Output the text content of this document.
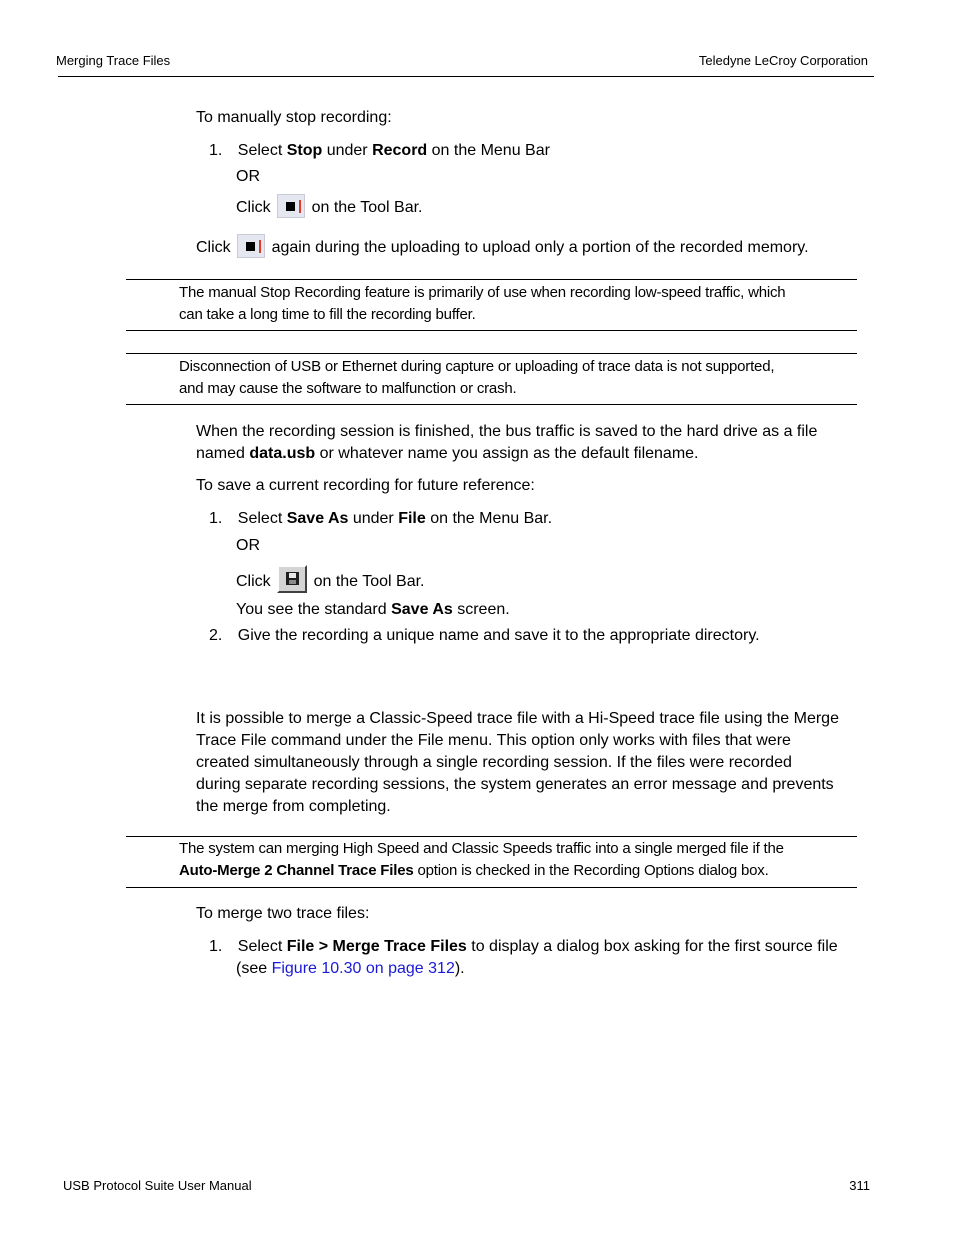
Merging Trace Files	Teledyne LeCroy Corporation
To manually stop recording:
1. Select Stop under Record on the Menu Bar
OR
Click	on the Tool Bar.
Click	again during the uploading to upload only a portion of the recorded memory.
The manual Stop Recording feature is primarily of use when recording low-speed traffic, which
can take a long time to fill the recording buffer.
Disconnection of USB or Ethernet during capture or uploading of trace data is not supported,
and may cause the software to malfunction or crash.
When the recording session is finished, the bus traffic is saved to the hard drive as a file
named data.usb or whatever name you assign as the default filename.
To save a current recording for future reference:
1. Select Save As under File on the Menu Bar.
OR
Click	on the Tool Bar.
You see the standard Save As screen.
2. Give the recording a unique name and save it to the appropriate directory.
It is possible to merge a Classic-Speed trace file with a Hi-Speed trace file using the Merge
Trace File command under the File menu. This option only works with files that were
created simultaneously through a single recording session. If the files were recorded
during separate recording sessions, the system generates an error message and prevents
the merge from completing.
The system can merging High Speed and Classic Speeds traffic into a single merged file if the
Auto-Merge 2 Channel Trace Files option is checked in the Recording Options dialog box.
To merge two trace files:
1. Select File > Merge Trace Files to display a dialog box asking for the first source file
(see Figure 10.30 on page 312).
USB Protocol Suite User Manual	311
